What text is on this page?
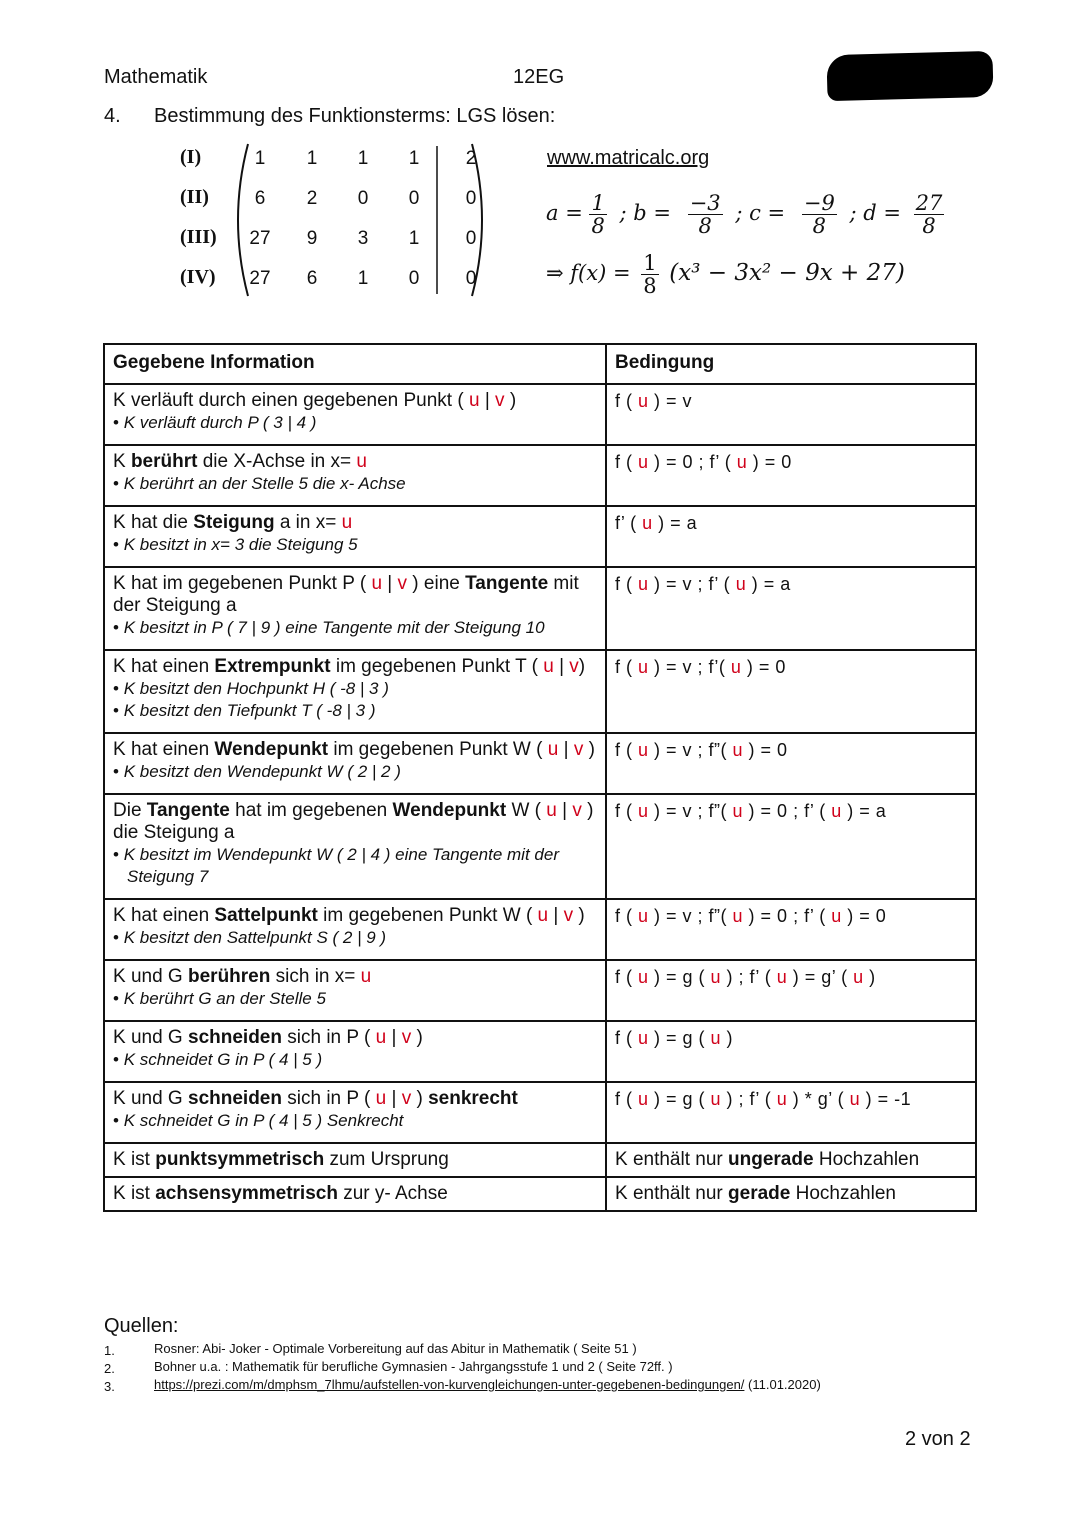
Mathematik	12EG
4. Bestimmung des Funktionsterms: LGS lösen:
(I)	1	1	1	1	2
(II)	6	2	0	0	0
(III)	27	9	3	1	0
(IV)	27	6	1	0	0
www.matricalc.org
$a = \frac{1}{8}$ ; $b = \frac{-3}{8}$ ; $c = \frac{-9}{8}$ ; $d = \frac{27}{8}$
⇒ $f(x) = \frac{1}{8} (x^3 - 3x^2 - 9x + 27)$
Gegebene Information	Bedingung

K verläuft durch einen gegebenen Punkt ( u | v )
• K verläuft durch P ( 3 | 4 )	f ( u ) = v

K berührt die X-Achse in x= u
• K berührt an der Stelle 5 die x- Achse	f ( u ) = 0 ; f’ ( u ) = 0

K hat die Steigung a in x= u
• K besitzt in x= 3 die Steigung 5	f’ ( u ) = a

K hat im gegebenen Punkt P ( u | v ) eine Tangente mit der Steigung a
• K besitzt in P ( 7 | 9 ) eine Tangente mit der Steigung 10	f ( u ) = v ; f’ ( u ) = a

K hat einen Extrempunkt im gegebenen Punkt T ( u | v)
• K besitzt den Hochpunkt H ( -8 | 3 )
• K besitzt den Tiefpunkt T ( -8 | 3 )	f ( u ) = v ; f’( u ) = 0

K hat einen Wendepunkt im gegebenen Punkt W ( u | v )
• K besitzt den Wendepunkt W ( 2 | 2 )	f ( u ) = v ; f”( u ) = 0

Die Tangente hat im gegebenen Wendepunkt W ( u | v ) die Steigung a
• K besitzt im Wendepunkt W ( 2 | 4 ) eine Tangente mit der Steigung 7	f ( u ) = v ; f”( u ) = 0 ; f’ ( u ) = a

K hat einen Sattelpunkt im gegebenen Punkt W ( u | v )
• K besitzt den Sattelpunkt S ( 2 | 9 )	f ( u ) = v ; f”( u ) = 0 ; f’ ( u ) = 0

K und G berühren sich in x= u
• K berührt G an der Stelle 5	f ( u ) = g ( u ) ; f’ ( u ) = g’ ( u )

K und G schneiden sich in P ( u | v )
• K schneidet G in P ( 4 | 5 )	f ( u ) = g ( u )

K und G schneiden sich in P ( u | v ) senkrecht
• K schneidet G in P ( 4 | 5 ) Senkrecht	f ( u ) = g ( u ) ; f’ ( u ) * g’ ( u ) = -1

K ist punktsymmetrisch zum Ursprung	K enthält nur ungerade Hochzahlen

K ist achsensymmetrisch zur y- Achse	K enthält nur gerade Hochzahlen
Quellen:
1.	Rosner: Abi- Joker - Optimale Vorbereitung auf das Abitur in Mathematik ( Seite 51 )
2.	Bohner u.a. : Mathematik für berufliche Gymnasien - Jahrgangsstufe 1 und 2 ( Seite 72ff. )
3.	https://prezi.com/m/dmphsm_7lhmu/aufstellen-von-kurvengleichungen-unter-gegebenen-bedingungen/ (11.01.2020)
2 von 2
